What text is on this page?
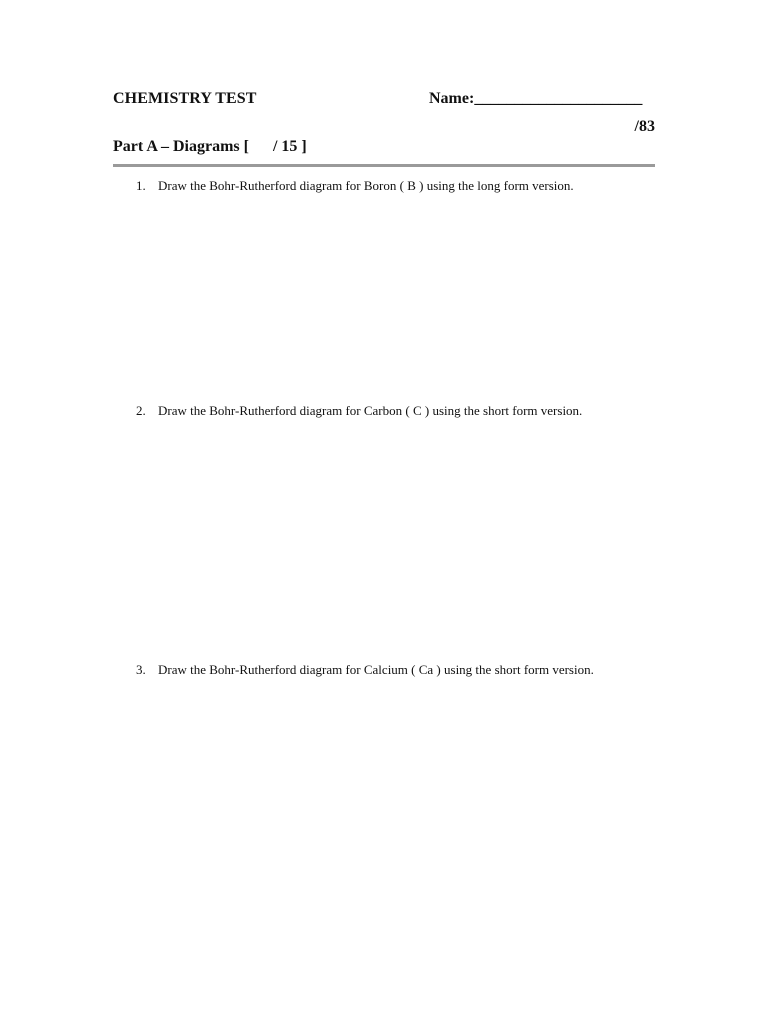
CHEMISTRY TEST	Name:_____________________
/83
Part A – Diagrams [      / 15 ]
1. Draw the Bohr-Rutherford diagram for Boron ( B ) using the long form version.
2. Draw the Bohr-Rutherford diagram for Carbon ( C ) using the short form version.
3. Draw the Bohr-Rutherford diagram for Calcium ( Ca ) using the short form version.
